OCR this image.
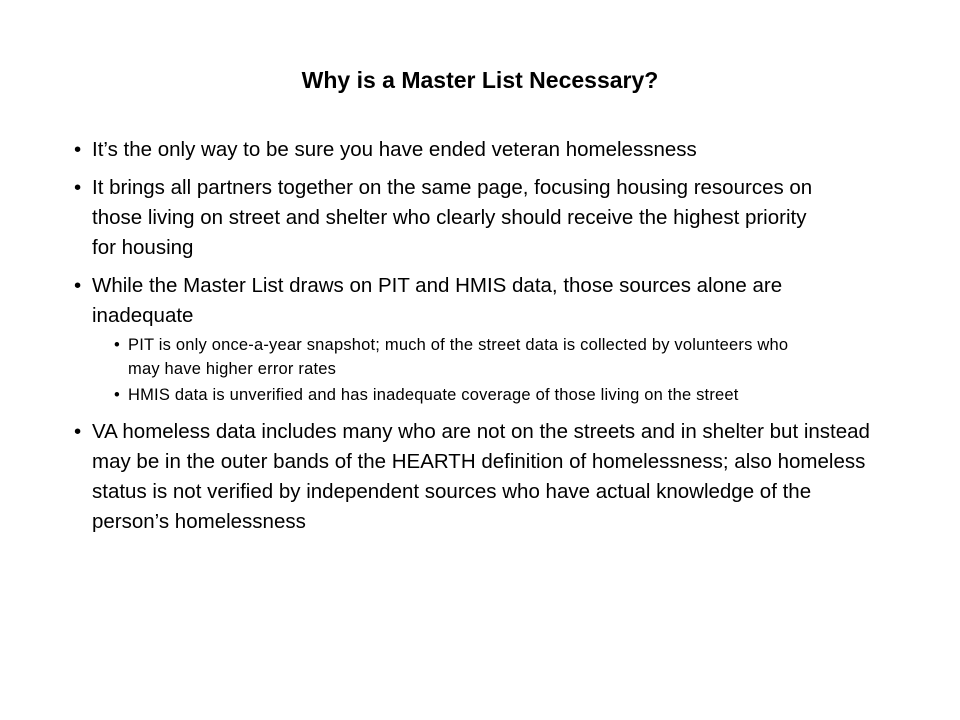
Why is a Master List Necessary?
• It’s the only way to be sure you have ended veteran homelessness
• It brings all partners together on the same page, focusing housing resources on those living on street and shelter who clearly should receive the highest priority for housing
• While the Master List draws on PIT and HMIS data, those sources alone are inadequate
• PIT is only once-a-year snapshot; much of the street data is collected by volunteers who may have higher error rates
• HMIS data is unverified and has inadequate coverage of those living on the street
• VA homeless data includes many who are not on the streets and in shelter but instead may be in the outer bands of the HEARTH definition of homelessness; also homeless status is not verified by independent sources who have actual knowledge of the person’s homelessness
